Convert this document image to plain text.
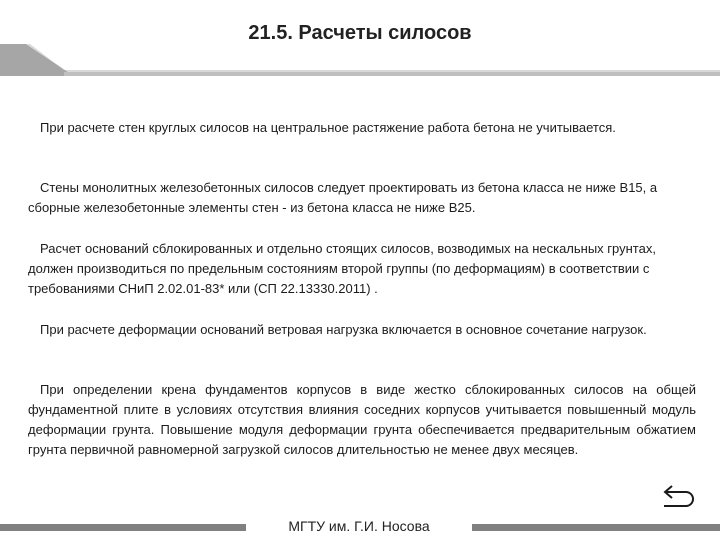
21.5. Расчеты силосов
При расчете стен круглых силосов на центральное растяжение работа бетона не учитывается.
Стены монолитных железобетонных силосов следует проектировать из бетона класса не ниже B15, а сборные железобетонные элементы стен - из бетона класса не ниже B25.
Расчет оснований сблокированных и отдельно стоящих силосов, возводимых на нескальных грунтах, должен производиться по предельным состояниям второй группы (по деформациям) в соответствии с требованиями СНиП 2.02.01-83* или (СП 22.13330.2011) .
При расчете деформации оснований ветровая нагрузка включается в основное сочетание нагрузок.
При определении крена фундаментов корпусов в виде жестко сблокированных силосов на общей фундаментной плите в условиях отсутствия влияния соседних корпусов учитывается повышенный модуль деформации грунта. Повышение модуля деформации грунта обеспечивается предварительным обжатием грунта первичной равномерной загрузкой силосов длительностью не менее двух месяцев.
МГТУ им. Г.И. Носова
